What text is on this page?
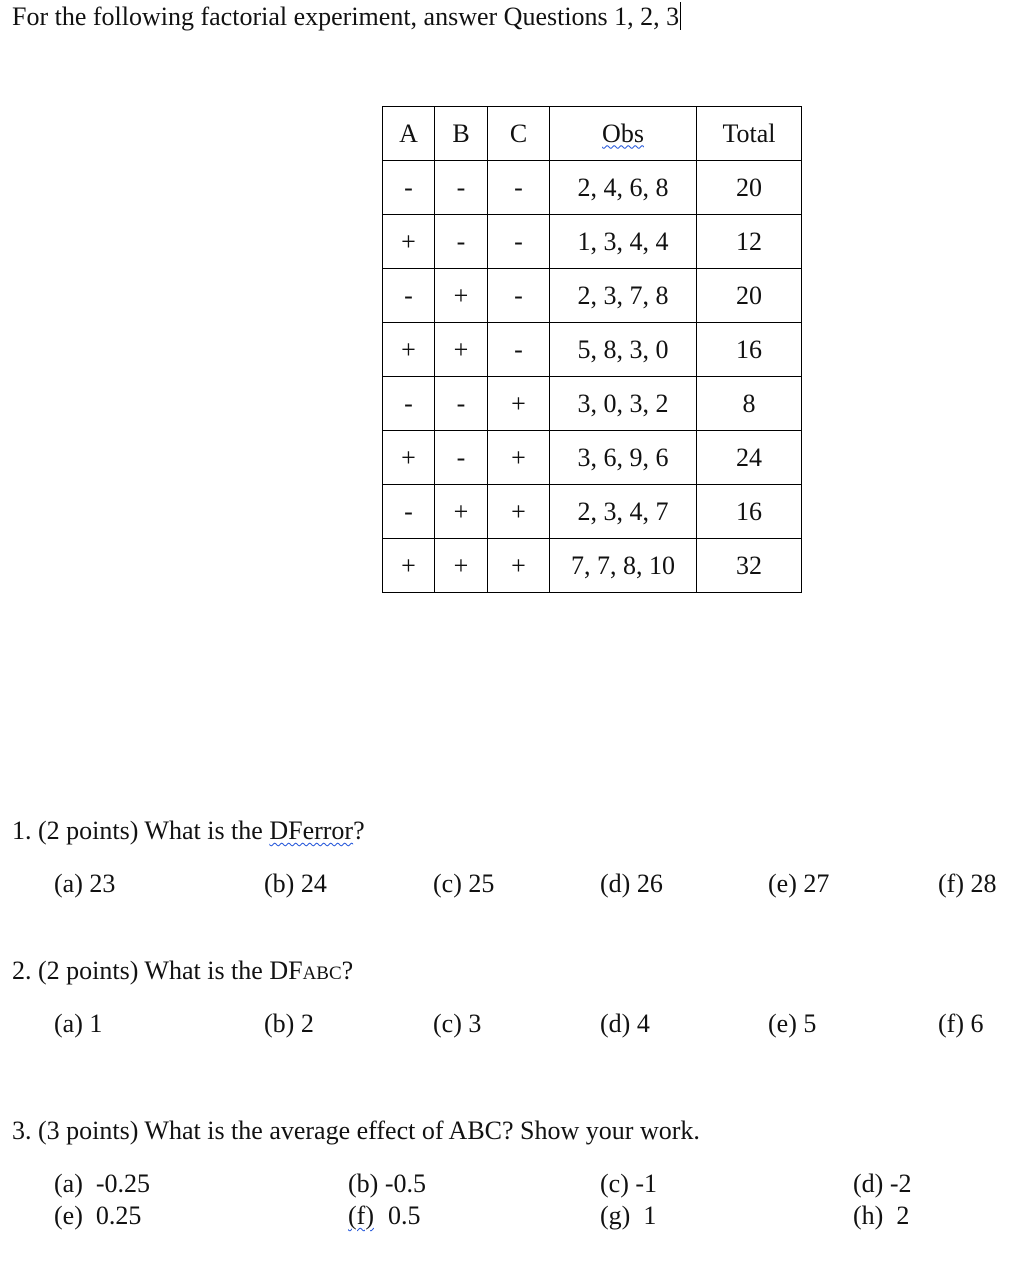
For the following factorial experiment, answer Questions 1, 2, 3
A	B	C	Obs	Total
-	-	-	2, 4, 6, 8	20
+	-	-	1, 3, 4, 4	12
-	+	-	2, 3, 7, 8	20
+	+	-	5, 8, 3, 0	16
-	-	+	3, 0, 3, 2	8
+	-	+	3, 6, 9, 6	24
-	+	+	2, 3, 4, 7	16
+	+	+	7, 7, 8, 10	32
1. (2 points) What is the DFerror?
(a) 23	(b) 24	(c) 25	(d) 26	(e) 27	(f) 28
2. (2 points) What is the DFABC?
(a) 1	(b) 2	(c) 3	(d) 4	(e) 5	(f) 6
3. (3 points) What is the average effect of ABC? Show your work.
(a)  -0.25	(b) -0.5	(c) -1	(d) -2
(e)  0.25	(f) 0.5	(g)  1	(h)  2
